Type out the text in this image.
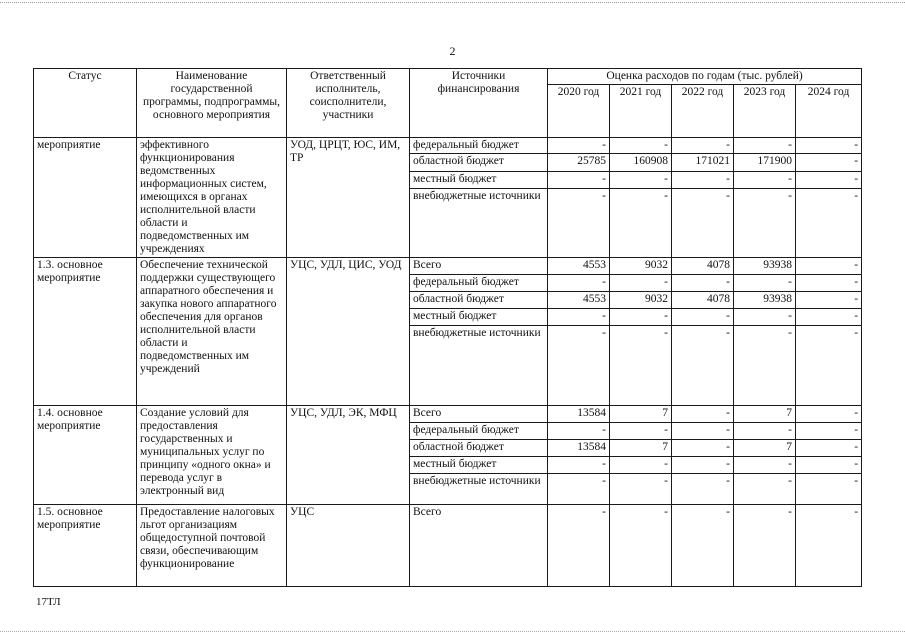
2
Статус	Наименование государственной программы, подпрограммы, основного мероприятия	Ответственный исполнитель, соисполнители, участники	Источники финансирования	Оценка расходов по годам (тыс. рублей)				
				2020 год	2021 год	2022 год	2023 год	2024 год
мероприятие	эффективного функционирования ведомственных информационных систем, имеющихся в органах исполнительной власти области и подведомственных им учреждениях	УОД, ЦРЦТ, ЮС, ИМ, ТР	федеральный бюджет	-	-	-	-	-
			областной бюджет	25785	160908	171021	171900	-
			местный бюджет	-	-	-	-	-
			внебюджетные источники	-	-	-	-	-
1.3. основное мероприятие	Обеспечение технической поддержки существующего аппаратного обеспечения и закупка нового аппаратного обеспечения для органов исполнительной власти области и подведомственных им учреждений	УЦС, УДЛ, ЦИС, УОД	Всего	4553	9032	4078	93938	-
			федеральный бюджет	-	-	-	-	-
			областной бюджет	4553	9032	4078	93938	-
			местный бюджет	-	-	-	-	-
			внебюджетные источники	-	-	-	-	-
1.4. основное мероприятие	Создание условий для предоставления государственных и муниципальных услуг по принципу «одного окна» и перевода услуг в электронный вид	УЦС, УДЛ, ЭК, МФЦ	Всего	13584	7	-	7	-
			федеральный бюджет	-	-	-	-	-
			областной бюджет	13584	7	-	7	-
			местный бюджет	-	-	-	-	-
			внебюджетные источники	-	-	-	-	-
1.5. основное мероприятие	Предоставление налоговых льгот организациям общедоступной почтовой связи, обеспечивающим функционирование	УЦС	Всего	-	-	-	-	-
17ТЛ
